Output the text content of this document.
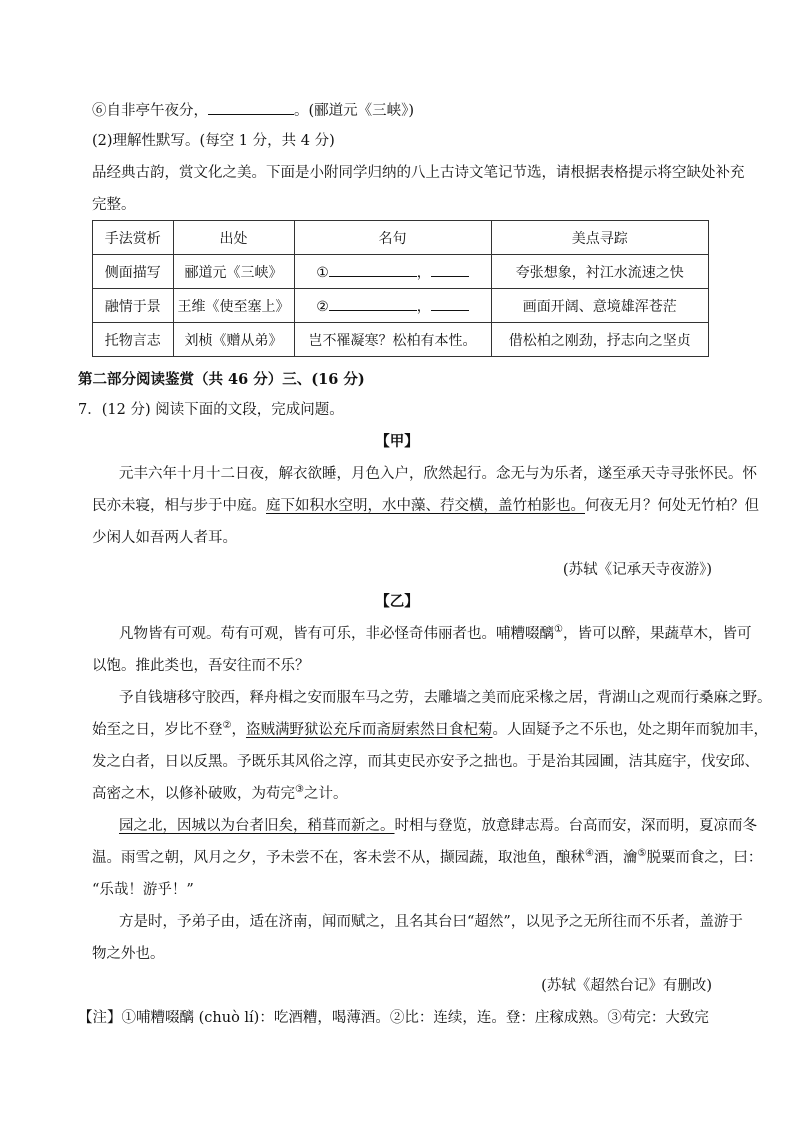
⑥自非亭午夜分，	。(郦道元《三峡》)
(2)理解性默写。(每空 1 分，共 4 分)
品经典古韵，赏文化之美。下面是小附同学归纳的八上古诗文笔记节选，请根据表格提示将空缺处补充
完整。
手法赏析	出处	名句	美点寻踪
侧面描写	郦道元《三峡》	① ，	夸张想象，衬江水流速之快
融情于景	王维《使至塞上》	② ，	画面开阔、意境雄浑苍茫
托物言志	刘桢《赠从弟》	岂不罹凝寒？松柏有本性。	借松柏之刚劲，抒志向之坚贞
第二部分阅读鉴赏（共 46 分）三、(16 分)
7．(12 分) 阅读下面的文段，完成问题。
【甲】
元丰六年十月十二日夜，解衣欲睡，月色入户，欣然起行。念无与为乐者，遂至承天寺寻张怀民。怀
民亦未寝，相与步于中庭。庭下如积水空明，水中藻、荇交横，盖竹柏影也。何夜无月？何处无竹柏？但
少闲人如吾两人者耳。
(苏轼《记承天寺夜游》)
【乙】
凡物皆有可观。苟有可观，皆有可乐，非必怪奇伟丽者也。哺糟啜醨①，皆可以醉，果蔬草木，皆可
以饱。推此类也，吾安往而不乐？
予自钱塘移守胶西，释舟楫之安而服车马之劳，去雕墙之美而庇采椽之居，背湖山之观而行桑麻之野。
始至之日，岁比不登②，盗贼满野狱讼充斥而斋厨索然日食杞菊。人固疑予之不乐也，处之期年而貌加丰，
发之白者，日以反黑。予既乐其风俗之淳，而其吏民亦安予之拙也。于是治其园圃，洁其庭宇，伐安邱、
高密之木，以修补破败，为苟完③之计。
园之北，因城以为台者旧矣，稍葺而新之。时相与登览，放意肆志焉。台高而安，深而明，夏凉而冬
温。雨雪之朝，风月之夕，予未尝不在，客未尝不从，撷园蔬，取池鱼，酿秫④酒，瀹⑤脱粟而食之，曰：
“乐哉！游乎！”
方是时，予弟子由，适在济南，闻而赋之，且名其台曰“超然”，以见予之无所往而不乐者，盖游于
物之外也。
(苏轼《超然台记》有删改)
【注】①哺糟啜醨 (chuò lí)：吃酒糟，喝薄酒。②比：连续，连。登：庄稼成熟。③苟完：大致完
